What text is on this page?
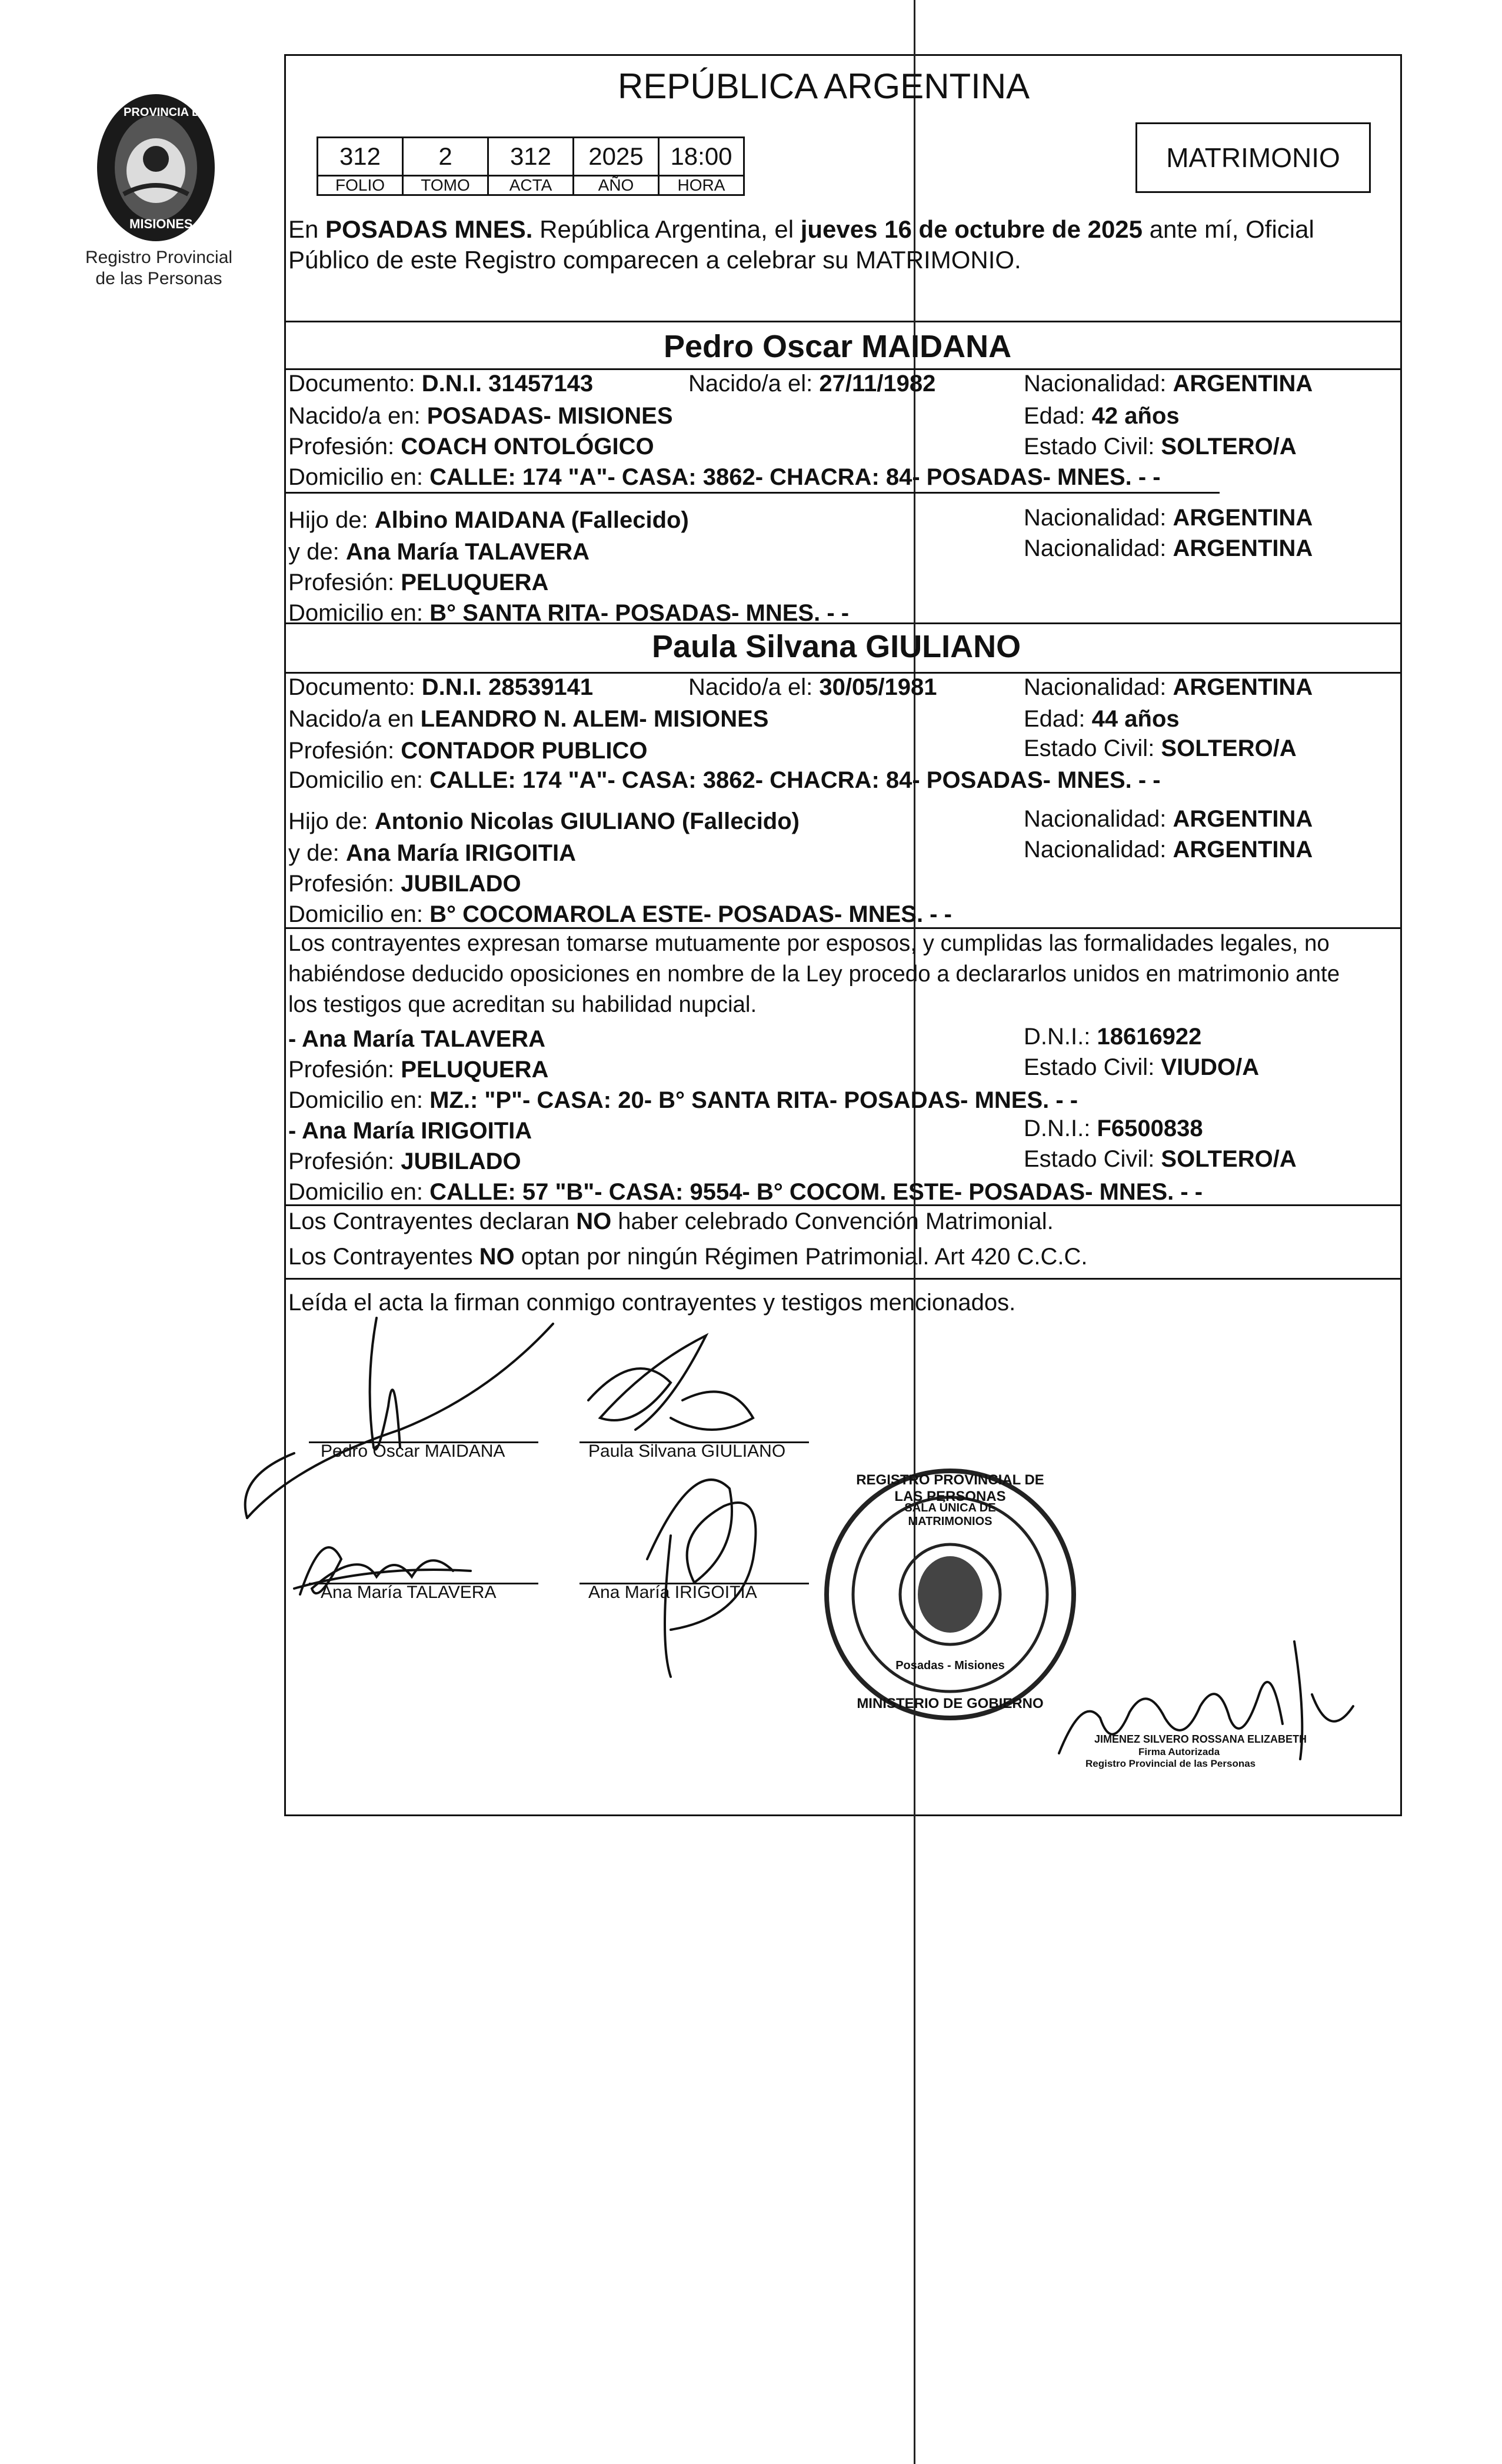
PROVINCIA DE
MISIONES
Registro Provincial
de las Personas
REPÚBLICA ARGENTINA
312	2	312	2025	18:00
FOLIO	TOMO	ACTA	AÑO	HORA
MATRIMONIO
En POSADAS MNES. República Argentina, el jueves 16 de octubre de 2025 ante mí, Oficial
Público de este Registro comparecen a celebrar su MATRIMONIO.
Pedro Oscar MAIDANA
Documento: D.N.I. 31457143	Nacido/a el: 27/11/1982	Nacionalidad: ARGENTINA
Nacido/a en: POSADAS- MISIONES	Edad: 42 años
Profesión: COACH ONTOLÓGICO	Estado Civil: SOLTERO/A
Domicilio en: CALLE: 174 "A"- CASA: 3862- CHACRA: 84- POSADAS- MNES. - -
Hijo de: Albino MAIDANA (Fallecido)	Nacionalidad: ARGENTINA
y de: Ana María TALAVERA	Nacionalidad: ARGENTINA
Profesión: PELUQUERA
Domicilio en: B° SANTA RITA- POSADAS- MNES. - -
Paula Silvana GIULIANO
Documento: D.N.I. 28539141	Nacido/a el: 30/05/1981	Nacionalidad: ARGENTINA
Nacido/a en LEANDRO N. ALEM- MISIONES	Edad: 44 años
Profesión: CONTADOR PUBLICO	Estado Civil: SOLTERO/A
Domicilio en: CALLE: 174 "A"- CASA: 3862- CHACRA: 84- POSADAS- MNES. - -
Hijo de: Antonio Nicolas GIULIANO (Fallecido)	Nacionalidad: ARGENTINA
y de: Ana María IRIGOITIA	Nacionalidad: ARGENTINA
Profesión: JUBILADO
Domicilio en: B° COCOMAROLA ESTE- POSADAS- MNES. - -
Los contrayentes expresan tomarse mutuamente por esposos, y cumplidas las formalidades legales, no
habiéndose deducido oposiciones en nombre de la Ley procedo a declararlos unidos en matrimonio ante
los testigos que acreditan su habilidad nupcial.
- Ana María TALAVERA	D.N.I.: 18616922
Profesión: PELUQUERA	Estado Civil: VIUDO/A
Domicilio en: MZ.: "P"- CASA: 20- B° SANTA RITA- POSADAS- MNES. - -
- Ana María IRIGOITIA	D.N.I.: F6500838
Profesión: JUBILADO	Estado Civil: SOLTERO/A
Domicilio en: CALLE: 57 "B"- CASA: 9554- B° COCOM. ESTE- POSADAS- MNES. - -
Los Contrayentes declaran NO haber celebrado Convención Matrimonial.
Los Contrayentes NO optan por ningún Régimen Patrimonial. Art 420 C.C.C.
Leída el acta la firman conmigo contrayentes y testigos mencionados.
Pedro Oscar MAIDANA	Paula Silvana GIULIANO
Ana María TALAVERA	Ana María IRIGOITIA
REGISTRO PROVINCIAL DE LAS PERSONAS
SALA ÚNICA DE MATRIMONIOS
Posadas - Misiones
MINISTERIO DE GOBIERNO
JIMÉNEZ SILVERO ROSSANA ELIZABETH
Firma Autorizada
Registro Provincial de las Personas
